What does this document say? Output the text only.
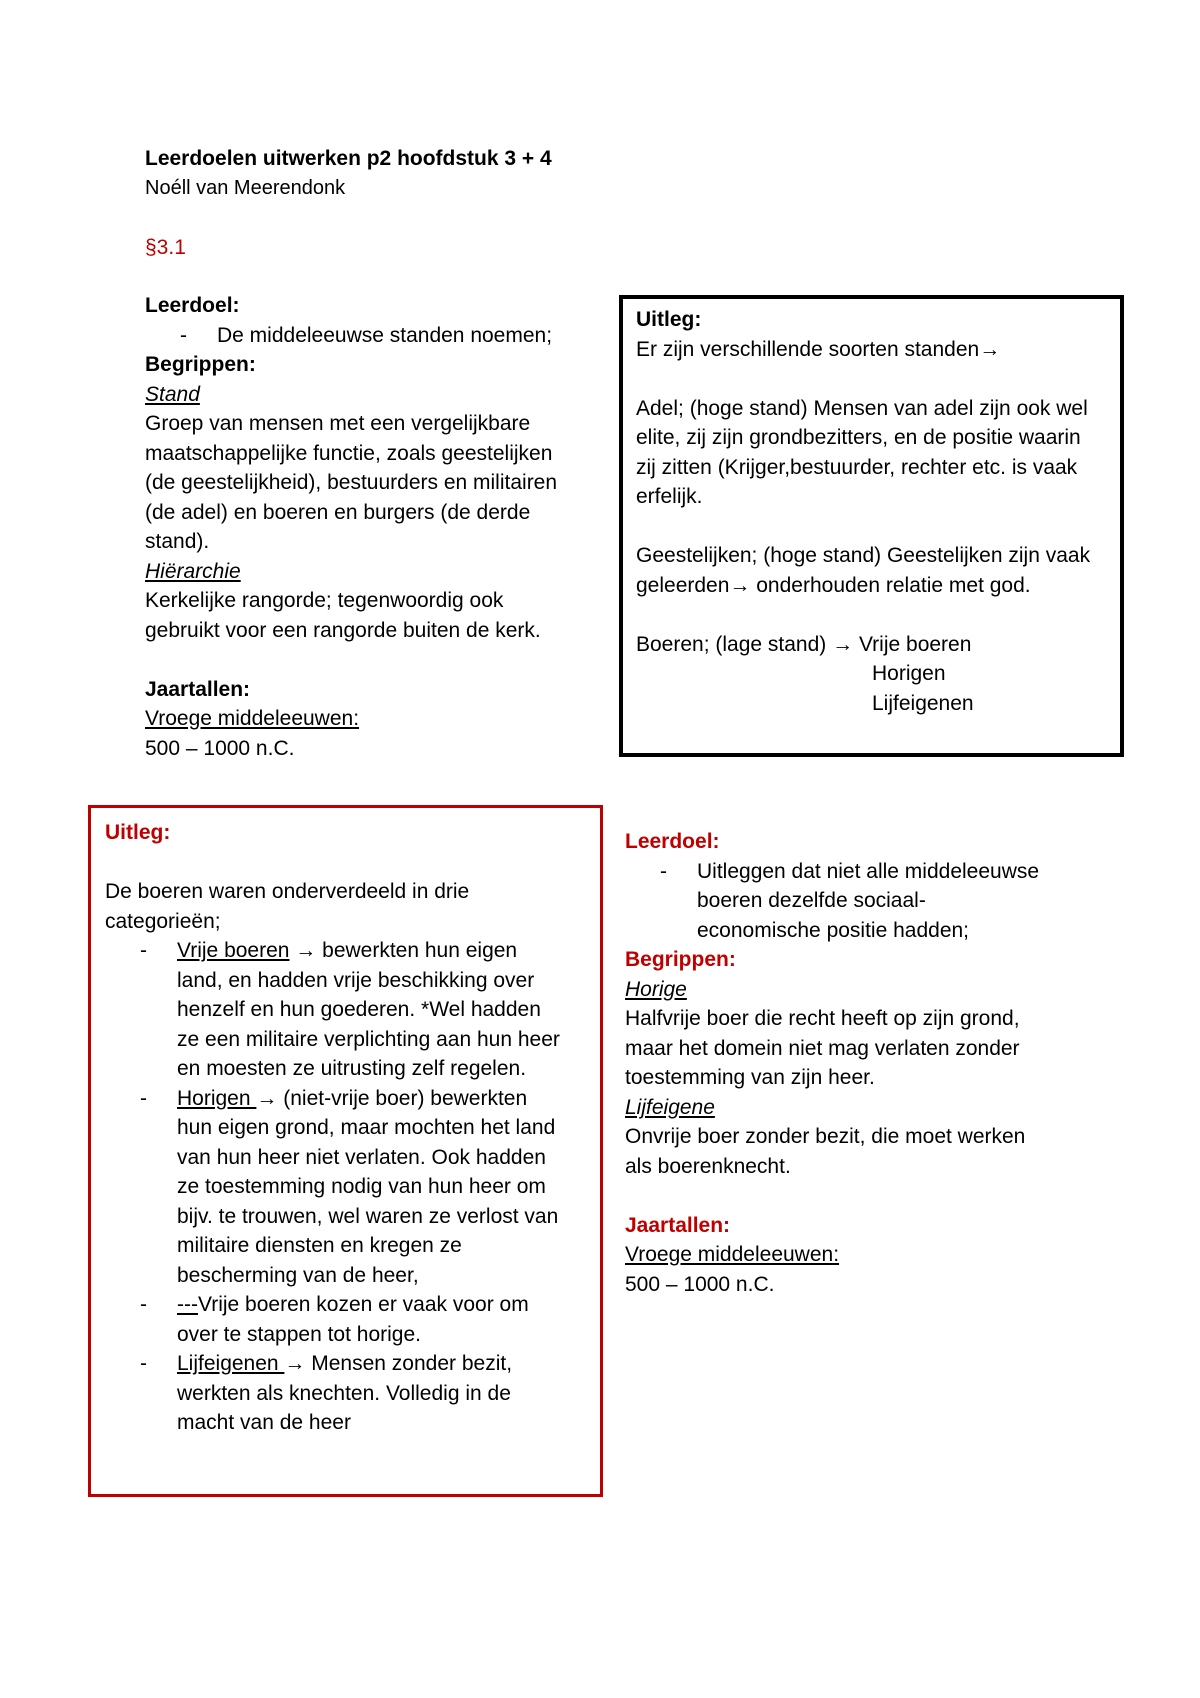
Leerdoelen uitwerken p2 hoofdstuk 3 + 4

Noéll van Meerendonk

§3.1

Leerdoel:

- De middeleeuwse standen noemen;

Begrippen:

Stand

Groep van mensen met een vergelijkbare

maatschappelijke functie, zoals geestelijken

(de geestelijkheid), bestuurders en militairen

(de adel) en boeren en burgers (de derde

stand).

Hiërarchie

Kerkelijke rangorde; tegenwoordig ook

gebruikt voor een rangorde buiten de kerk.

Jaartallen:

Vroege middeleeuwen:

500 – 1000 n.C.

Uitleg:

Er zijn verschillende soorten standen→

Adel; (hoge stand) Mensen van adel zijn ook wel

elite, zij zijn grondbezitters, en de positie waarin

zij zitten (Krijger,bestuurder, rechter etc. is vaak

erfelijk.

Geestelijken; (hoge stand) Geestelijken zijn vaak

geleerden→ onderhouden relatie met god.

Boeren; (lage stand) → Vrije boeren

Horigen

Lijfeigenen

Uitleg:

De boeren waren onderverdeeld in drie

categorieën;

- Vrije boeren → bewerkten hun eigen

land, en hadden vrije beschikking over

henzelf en hun goederen. *Wel hadden

ze een militaire verplichting aan hun heer

en moesten ze uitrusting zelf regelen.

- Horigen → (niet-vrije boer) bewerkten

hun eigen grond, maar mochten het land

van hun heer niet verlaten. Ook hadden

ze toestemming nodig van hun heer om

bijv. te trouwen, wel waren ze verlost van

militaire diensten en kregen ze

bescherming van de heer,

- ---Vrije boeren kozen er vaak voor om

over te stappen tot horige.

- Lijfeigenen → Mensen zonder bezit,

werkten als knechten. Volledig in de

macht van de heer

Leerdoel:

- Uitleggen dat niet alle middeleeuwse

boeren dezelfde sociaal-

economische positie hadden;

Begrippen:

Horige

Halfvrije boer die recht heeft op zijn grond,

maar het domein niet mag verlaten zonder

toestemming van zijn heer.

Lijfeigene

Onvrije boer zonder bezit, die moet werken

als boerenknecht.

Jaartallen:

Vroege middeleeuwen:

500 – 1000 n.C.
